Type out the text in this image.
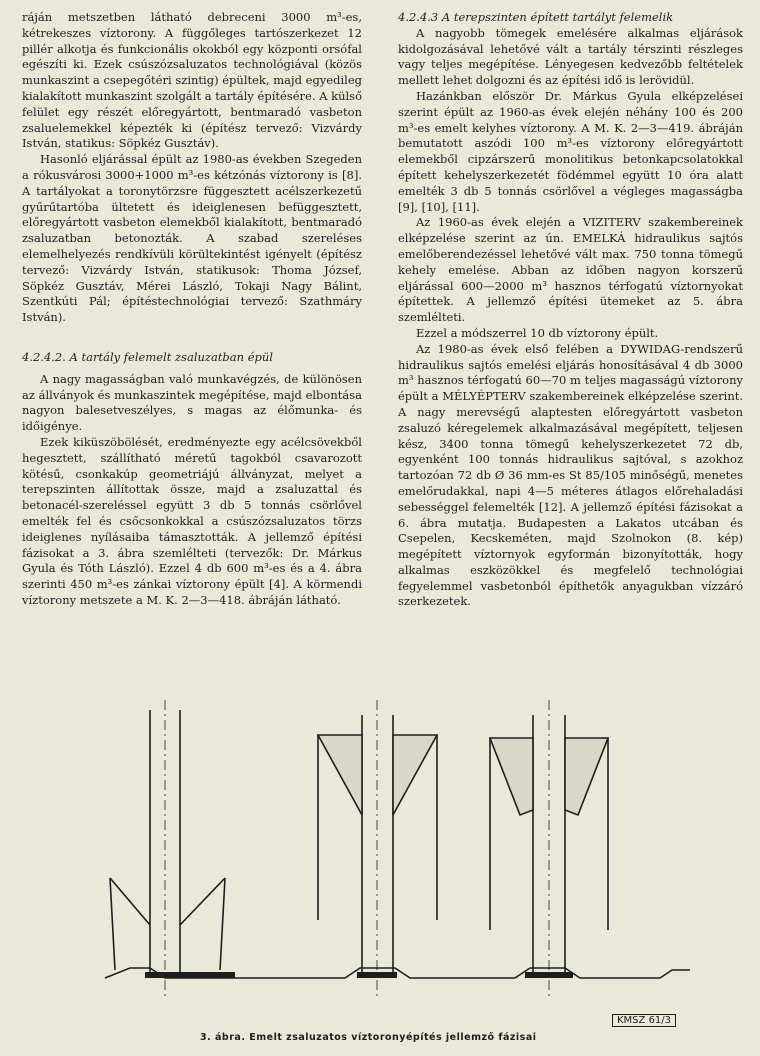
ráján metszetben látható debreceni 3000 m³-es, kétrekeszes víztorony. A függőleges tartószerkezet 12 pillér alkotja és funkcionális okokból egy központi orsófal egészíti ki. Ezek csúszózsaluzatos technológiával (közös munkaszint a csepegőtéri szintig) épültek, majd egyedileg kialakított munkaszint szolgált a tartály építésére. A külső felület egy részét előregyártott, bentmaradó vasbeton zsaluelemekkel képezték ki (építész tervező: Vizvárdy István, statikus: Söpkéz Gusztáv).

Hasonló eljárással épült az 1980-as években Szegeden a rókusvárosi 3000+1000 m³-es kétzónás víztorony is [8]. A tartályokat a toronytörzsre függesztett acélszerkezetű gyűrűtartóba ültetett és ideiglenesen befüggesztett, előregyártott vasbeton elemekből kialakított, bentmaradó zsaluzatban betonozták. A szabad szereléses elemelhelyezés rendkívüli körültekintést igényelt (építész tervező: Vizvárdy István, statikusok: Thoma József, Söpkéz Gusztáv, Mérei László, Tokaji Nagy Bálint, Szentkúti Pál; építéstechnológiai tervező: Szathmáry István).

4.2.4.2. A tartály felemelt zsaluzatban épül

A nagy magasságban való munkavégzés, de különösen az állványok és munkaszintek megépítése, majd elbontása nagyon balesetveszélyes, s magas az élőmunka- és időigénye.

Ezek kiküszöbölését, eredményezte egy acélcsövekből hegesztett, szállítható méretű tagokból csavarozott kötésű, csonkakúp geometriájú állványzat, melyet a terepszinten állítottak össze, majd a zsaluzattal és betonacél-szereléssel együtt 3 db 5 tonnás csörlővel emelték fel és csőcsonkokkal a csúszózsaluzatos törzs ideiglenes nyílásaiba támasztották. A jellemző építési fázisokat a 3. ábra szemlélteti (tervezők: Dr. Márkus Gyula és Tóth László). Ezzel 4 db 600 m³-es és a 4. ábra szerinti 450 m³-es zánkai víztorony épült [4]. A körmendi víztorony metszete a M. K. 2—3—418. ábráján látható.

4.2.4.3 A terepszinten épített tartályt felemelik

A nagyobb tömegek emelésére alkalmas eljárások kidolgozásával lehetővé vált a tartály térszinti részleges vagy teljes megépítése. Lényegesen kedvezőbb feltételek mellett lehet dolgozni és az építési idő is lerövidül.

Hazánkban először Dr. Márkus Gyula elképzelései szerint épült az 1960-as évek elején néhány 100 és 200 m³-es emelt kelyhes víztorony. A M. K. 2—3—419. ábráján bemutatott aszódi 100 m³-es víztorony előregyártott elemekből cipzárszerű monolitikus betonkapcsolatokkal épített kehelyszerkezetét födémmel együtt 10 óra alatt emelték 3 db 5 tonnás csörlővel a végleges magasságba [9], [10], [11].

Az 1960-as évek elején a VIZITERV szakembereinek elképzelése szerint az ún. EMELKÁ hidraulikus sajtós emelőberendezéssel lehetővé vált max. 750 tonna tömegű kehely emelése. Abban az időben nagyon korszerű eljárással 600—2000 m³ hasznos térfogatú víztornyokat építettek. A jellemző építési ütemeket az 5. ábra szemlélteti.

Ezzel a módszerrel 10 db víztorony épült.

Az 1980-as évek első felében a DYWIDAG-rendszerű hidraulikus sajtós emelési eljárás honosításával 4 db 3000 m³ hasznos térfogatú 60—70 m teljes magasságú víztorony épült a MÉLYÉPTERV szakembereinek elképzelése szerint. A nagy merevségű alaptesten előregyártott vasbeton zsaluzó kéregelemek alkalmazásával megépített, teljesen kész, 3400 tonna tömegű kehelyszerkezetet 72 db, egyenként 100 tonnás hidraulikus sajtóval, s azokhoz tartozóan 72 db Ø 36 mm-es St 85/105 minőségű, menetes emelőrudakkal, napi 4—5 méteres átlagos előrehaladási sebességgel felemelték [12]. A jellemző építési fázisokat a 6. ábra mutatja. Budapesten a Lakatos utcában és Csepelen, Kecskeméten, majd Szolnokon (8. kép) megépített víztornyok egyformán bizonyították, hogy alkalmas eszközökkel és megfelelő technológiai fegyelemmel vasbetonból építhetők anyagukban vízzáró szerkezetek.

3. ábra. Emelt zsaluzatos víztoronyépítés jellemző fázisai
KMSZ 61/3
